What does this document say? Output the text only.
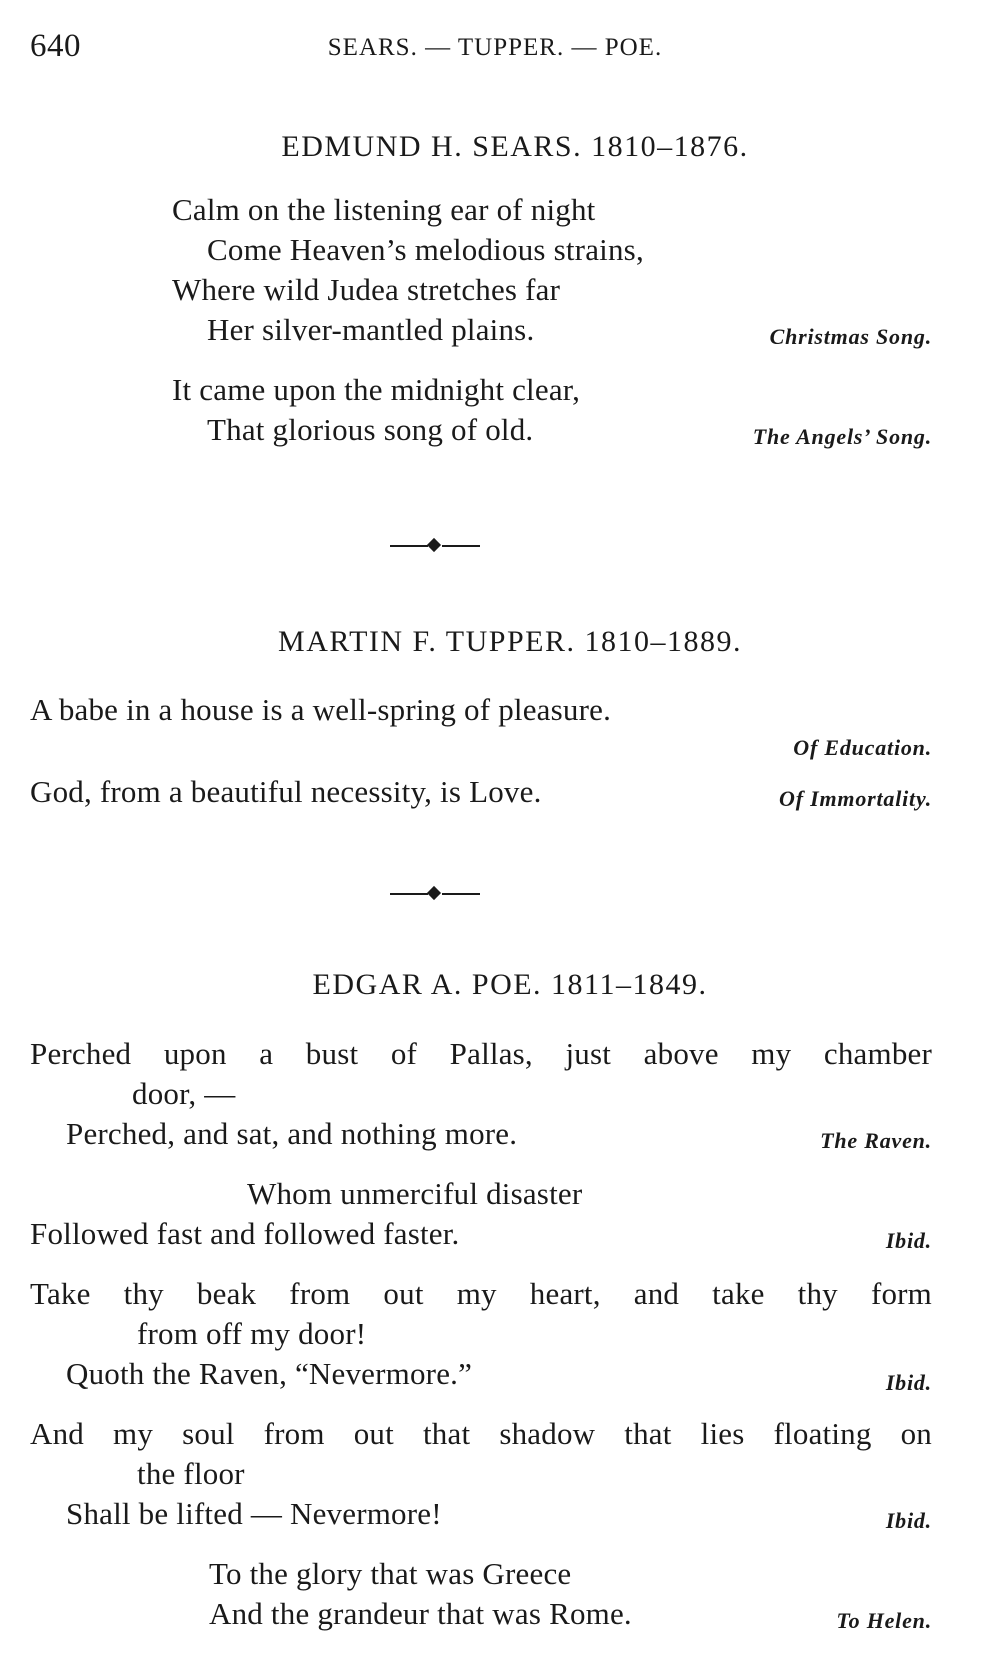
640	SEARS. — TUPPER. — POE.
EDMUND H. SEARS. 1810–1876.
Calm on the listening ear of night
Come Heaven’s melodious strains,
Where wild Judea stretches far
Her silver-mantled plains.	Christmas Song.
It came upon the midnight clear,
That glorious song of old.	The Angels’ Song.
MARTIN F. TUPPER. 1810–1889.
A babe in a house is a well-spring of pleasure.
Of Education.
God, from a beautiful necessity, is Love.	Of Immortality.
EDGAR A. POE. 1811–1849.
Perched upon a bust of Pallas, just above my chamber
door, —
Perched, and sat, and nothing more.	The Raven.
Whom unmerciful disaster
Followed fast and followed faster.	Ibid.
Take thy beak from out my heart, and take thy form
from off my door!
Quoth the Raven, “Nevermore.”	Ibid.
And my soul from out that shadow that lies floating on
the floor
Shall be lifted — Nevermore!	Ibid.
To the glory that was Greece
And the grandeur that was Rome.	To Helen.
